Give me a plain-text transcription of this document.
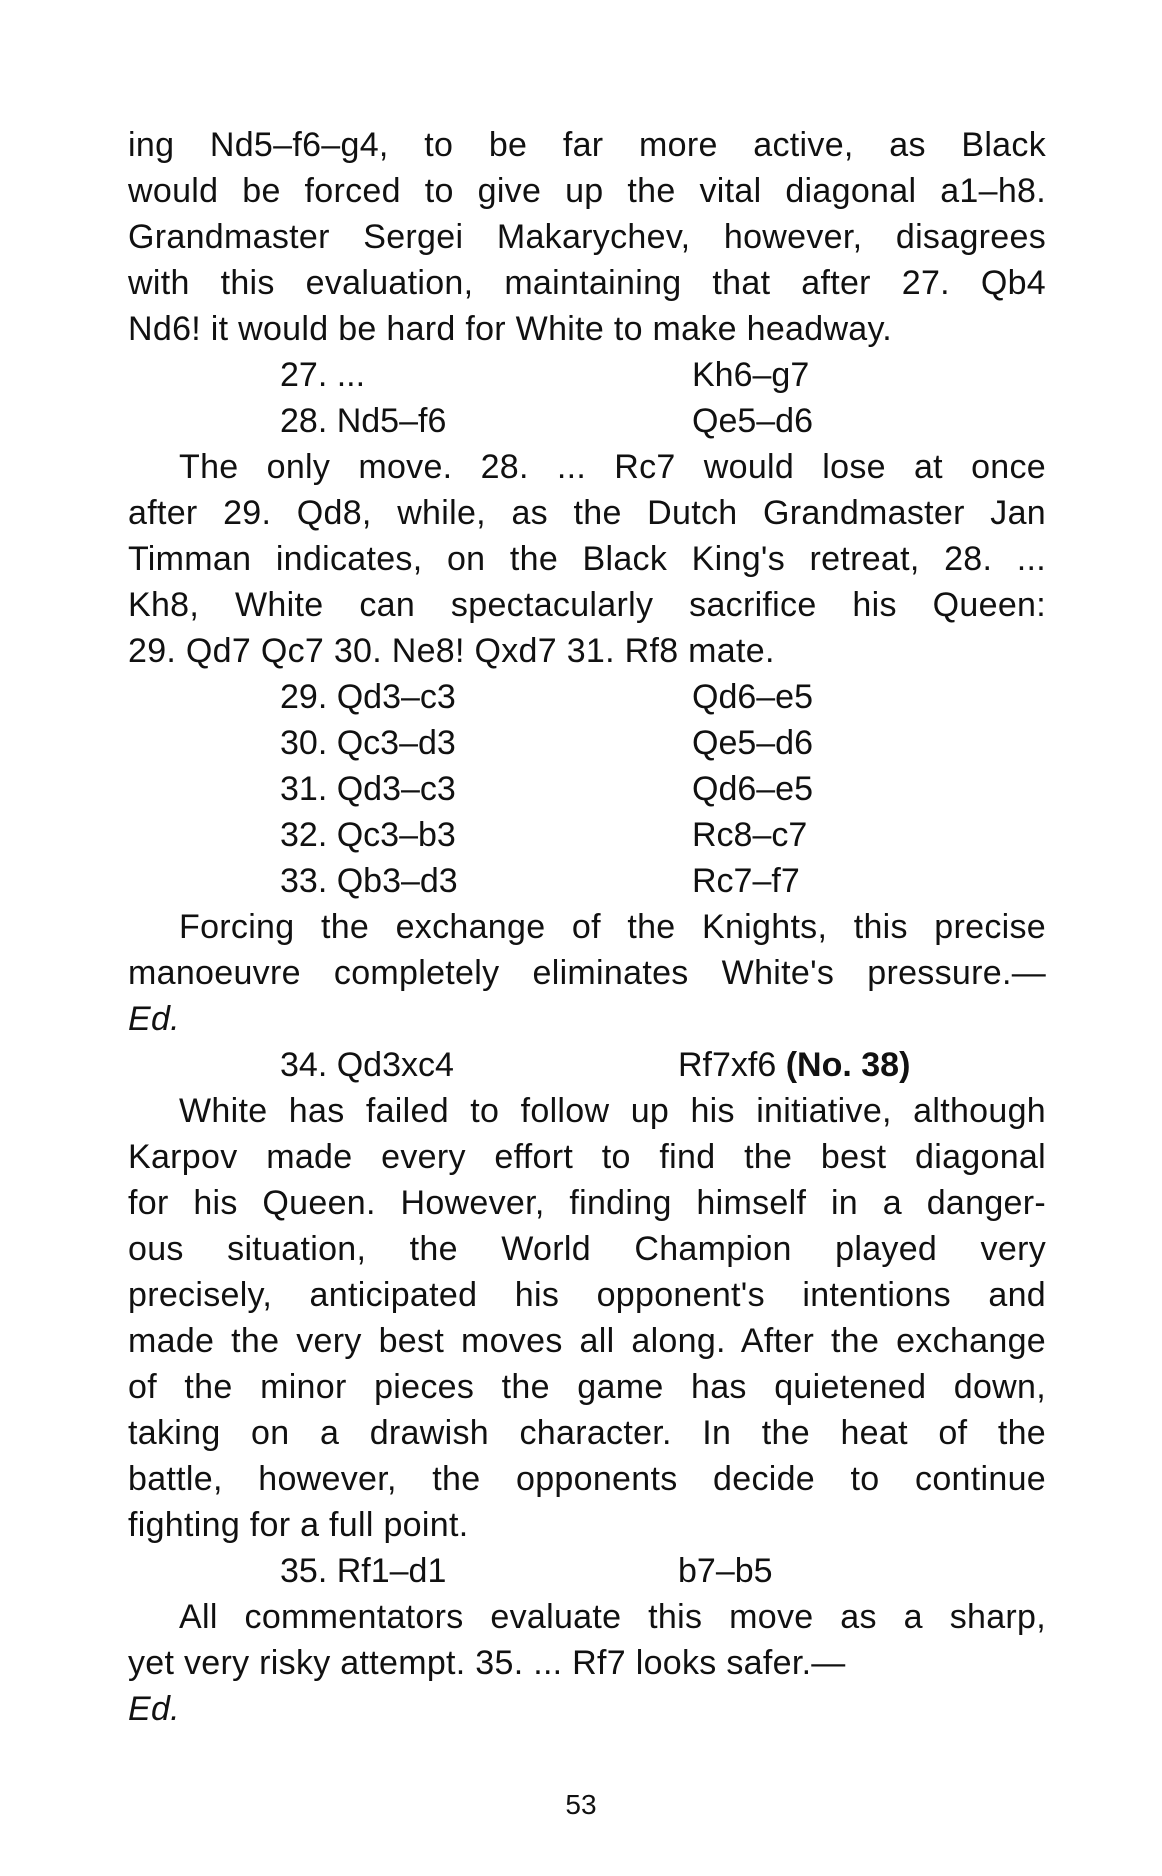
ing Nd5–f6–g4, to be far more active, as Black
would be forced to give up the vital diagonal a1–h8.
Grandmaster Sergei Makarychev, however, disagrees
with this evaluation, maintaining that after 27. Qb4
Nd6! it would be hard for White to make headway.
27. ...	Kh6–g7
28. Nd5–f6	Qe5–d6
The only move. 28. ... Rc7 would lose at once
after 29. Qd8, while, as the Dutch Grandmaster Jan
Timman indicates, on the Black King's retreat, 28. ...
Kh8, White can spectacularly sacrifice his Queen:
29. Qd7 Qc7 30. Ne8! Qxd7 31. Rf8 mate.
29. Qd3–c3	Qd6–e5
30. Qc3–d3	Qe5–d6
31. Qd3–c3	Qd6–e5
32. Qc3–b3	Rc8–c7
33. Qb3–d3	Rc7–f7
Forcing the exchange of the Knights, this precise
manoeuvre completely eliminates White's pressure.—
Ed.
34. Qd3xc4	Rf7xf6 (No. 38)
White has failed to follow up his initiative, although
Karpov made every effort to find the best diagonal
for his Queen. However, finding himself in a danger-
ous situation, the World Champion played very
precisely, anticipated his opponent's intentions and
made the very best moves all along. After the exchange
of the minor pieces the game has quietened down,
taking on a drawish character. In the heat of the
battle, however, the opponents decide to continue
fighting for a full point.
35. Rf1–d1	b7–b5
All commentators evaluate this move as a sharp,
yet very risky attempt. 35. ... Rf7 looks safer.—
Ed.
53
